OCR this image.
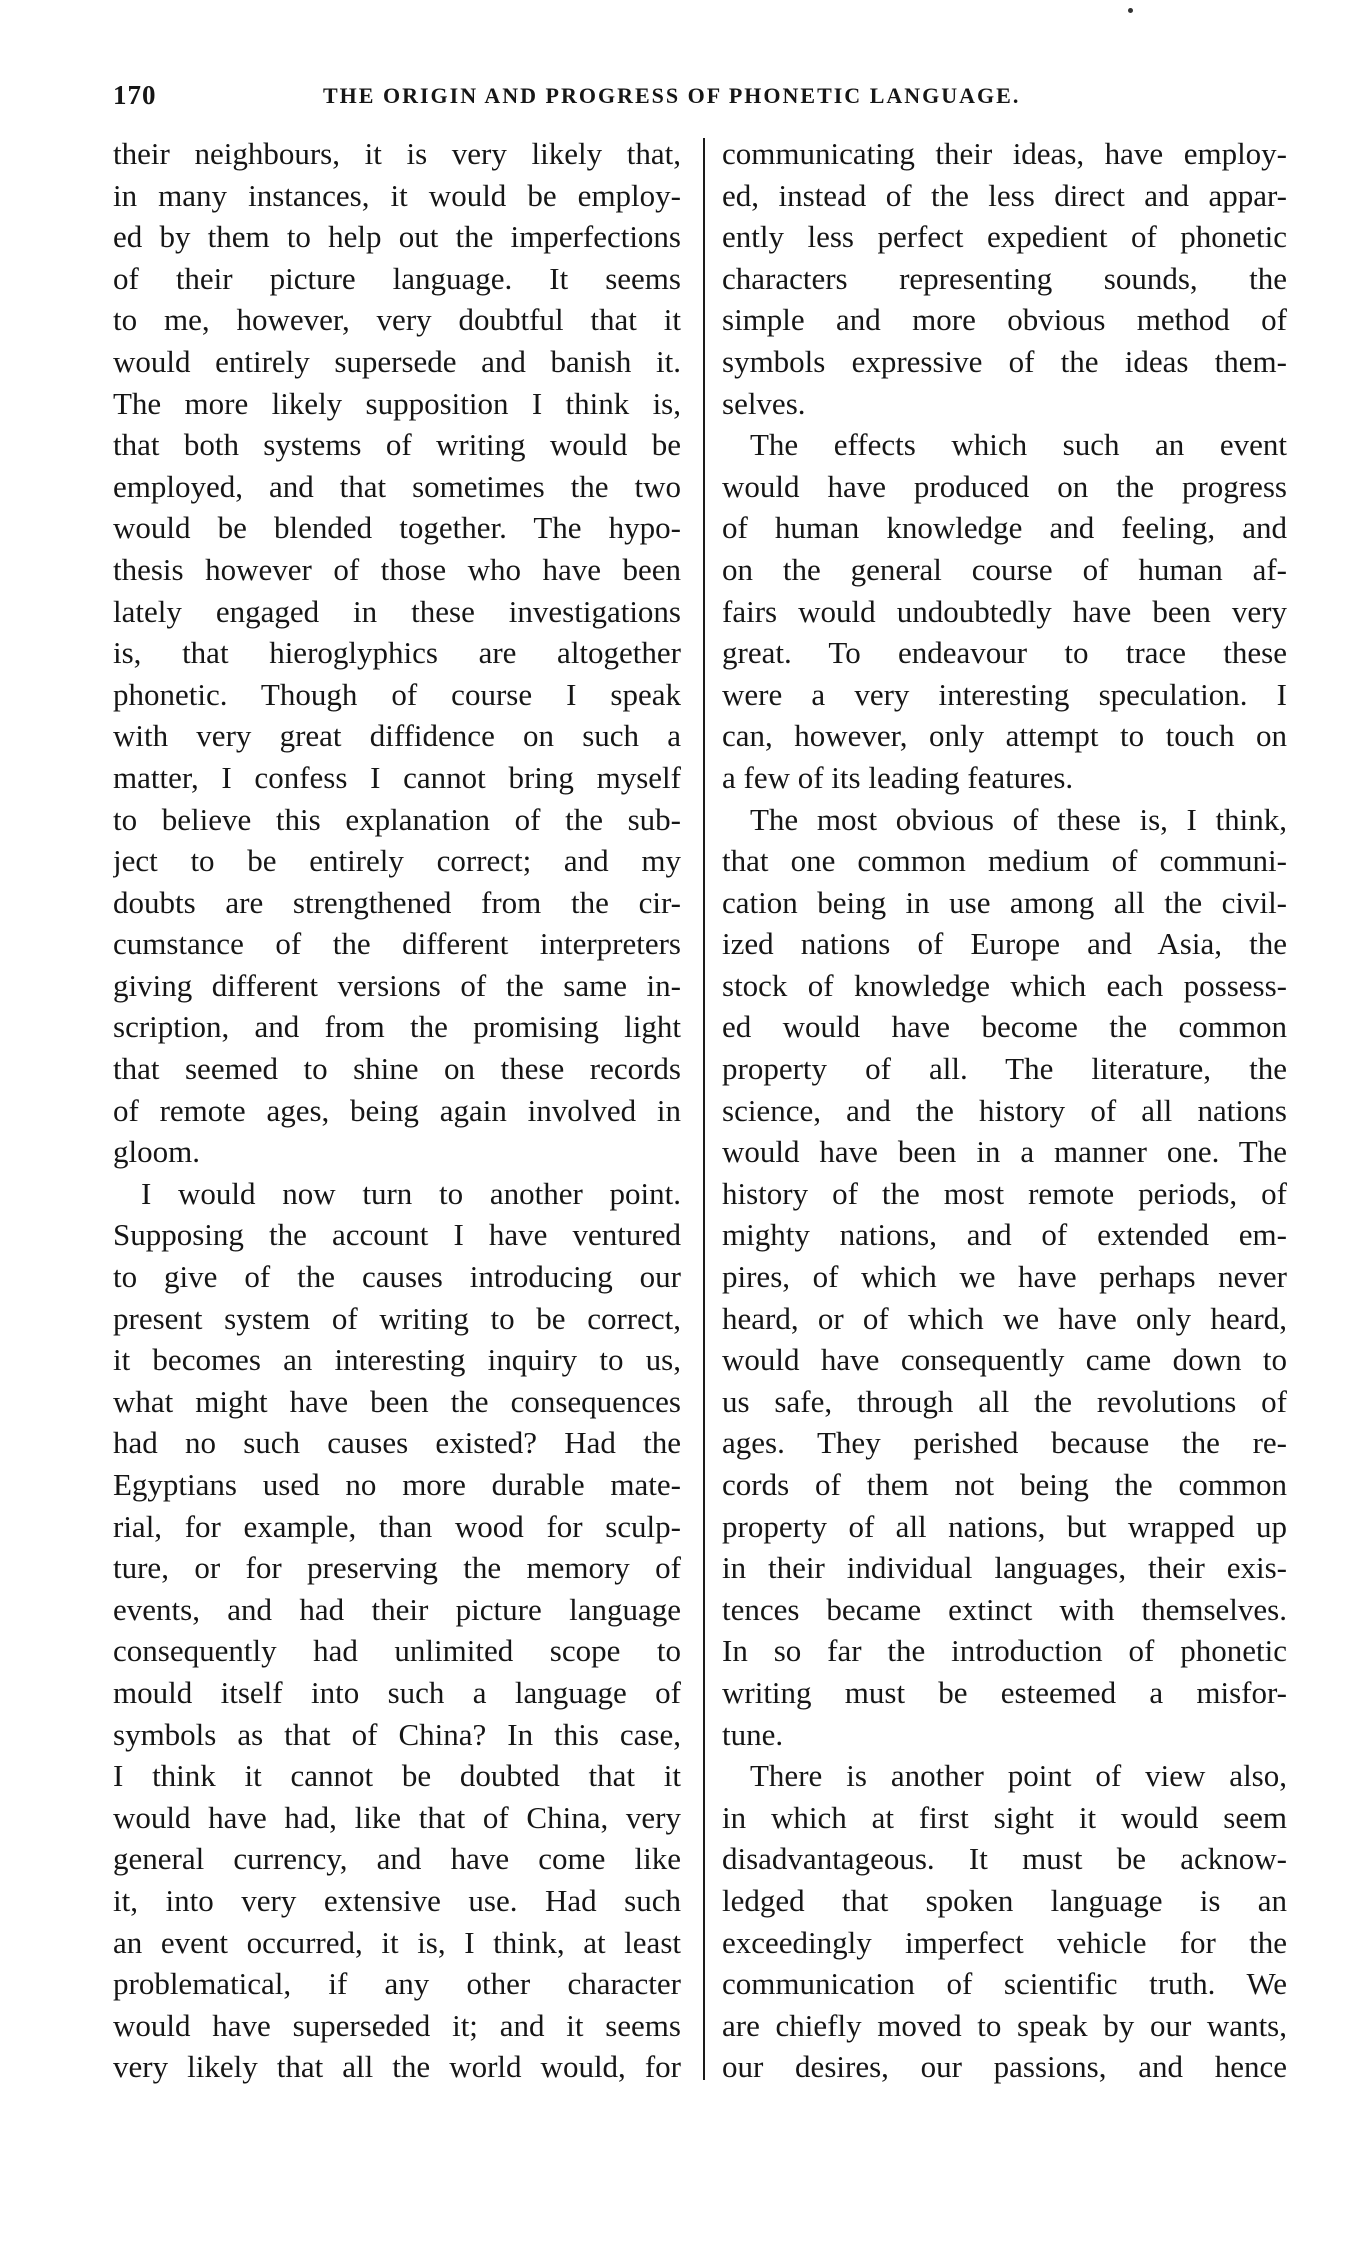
170	THE ORIGIN AND PROGRESS OF PHONETIC LANGUAGE.
their neighbours, it is very likely that,
in many instances, it would be employ-
ed by them to help out the imperfections
of their picture language. It seems
to me, however, very doubtful that it
would entirely supersede and banish it.
The more likely supposition I think is,
that both systems of writing would be
employed, and that sometimes the two
would be blended together. The hypo-
thesis however of those who have been
lately engaged in these investigations
is, that hieroglyphics are altogether
phonetic. Though of course I speak
with very great diffidence on such a
matter, I confess I cannot bring myself
to believe this explanation of the sub-
ject to be entirely correct; and my
doubts are strengthened from the cir-
cumstance of the different interpreters
giving different versions of the same in-
scription, and from the promising light
that seemed to shine on these records
of remote ages, being again involved in
gloom.
I would now turn to another point.
Supposing the account I have ventured
to give of the causes introducing our
present system of writing to be correct,
it becomes an interesting inquiry to us,
what might have been the consequences
had no such causes existed? Had the
Egyptians used no more durable mate-
rial, for example, than wood for sculp-
ture, or for preserving the memory of
events, and had their picture language
consequently had unlimited scope to
mould itself into such a language of
symbols as that of China? In this case,
I think it cannot be doubted that it
would have had, like that of China, very
general currency, and have come like
it, into very extensive use. Had such
an event occurred, it is, I think, at least
problematical, if any other character
would have superseded it; and it seems
very likely that all the world would, for
communicating their ideas, have employ-
ed, instead of the less direct and appar-
ently less perfect expedient of phonetic
characters representing sounds, the
simple and more obvious method of
symbols expressive of the ideas them-
selves.
The effects which such an event
would have produced on the progress
of human knowledge and feeling, and
on the general course of human af-
fairs would undoubtedly have been very
great. To endeavour to trace these
were a very interesting speculation. I
can, however, only attempt to touch on
a few of its leading features.
The most obvious of these is, I think,
that one common medium of communi-
cation being in use among all the civil-
ized nations of Europe and Asia, the
stock of knowledge which each possess-
ed would have become the common
property of all. The literature, the
science, and the history of all nations
would have been in a manner one. The
history of the most remote periods, of
mighty nations, and of extended em-
pires, of which we have perhaps never
heard, or of which we have only heard,
would have consequently came down to
us safe, through all the revolutions of
ages. They perished because the re-
cords of them not being the common
property of all nations, but wrapped up
in their individual languages, their exis-
tences became extinct with themselves.
In so far the introduction of phonetic
writing must be esteemed a misfor-
tune.
There is another point of view also,
in which at first sight it would seem
disadvantageous. It must be acknow-
ledged that spoken language is an
exceedingly imperfect vehicle for the
communication of scientific truth. We
are chiefly moved to speak by our wants,
our desires, our passions, and hence
